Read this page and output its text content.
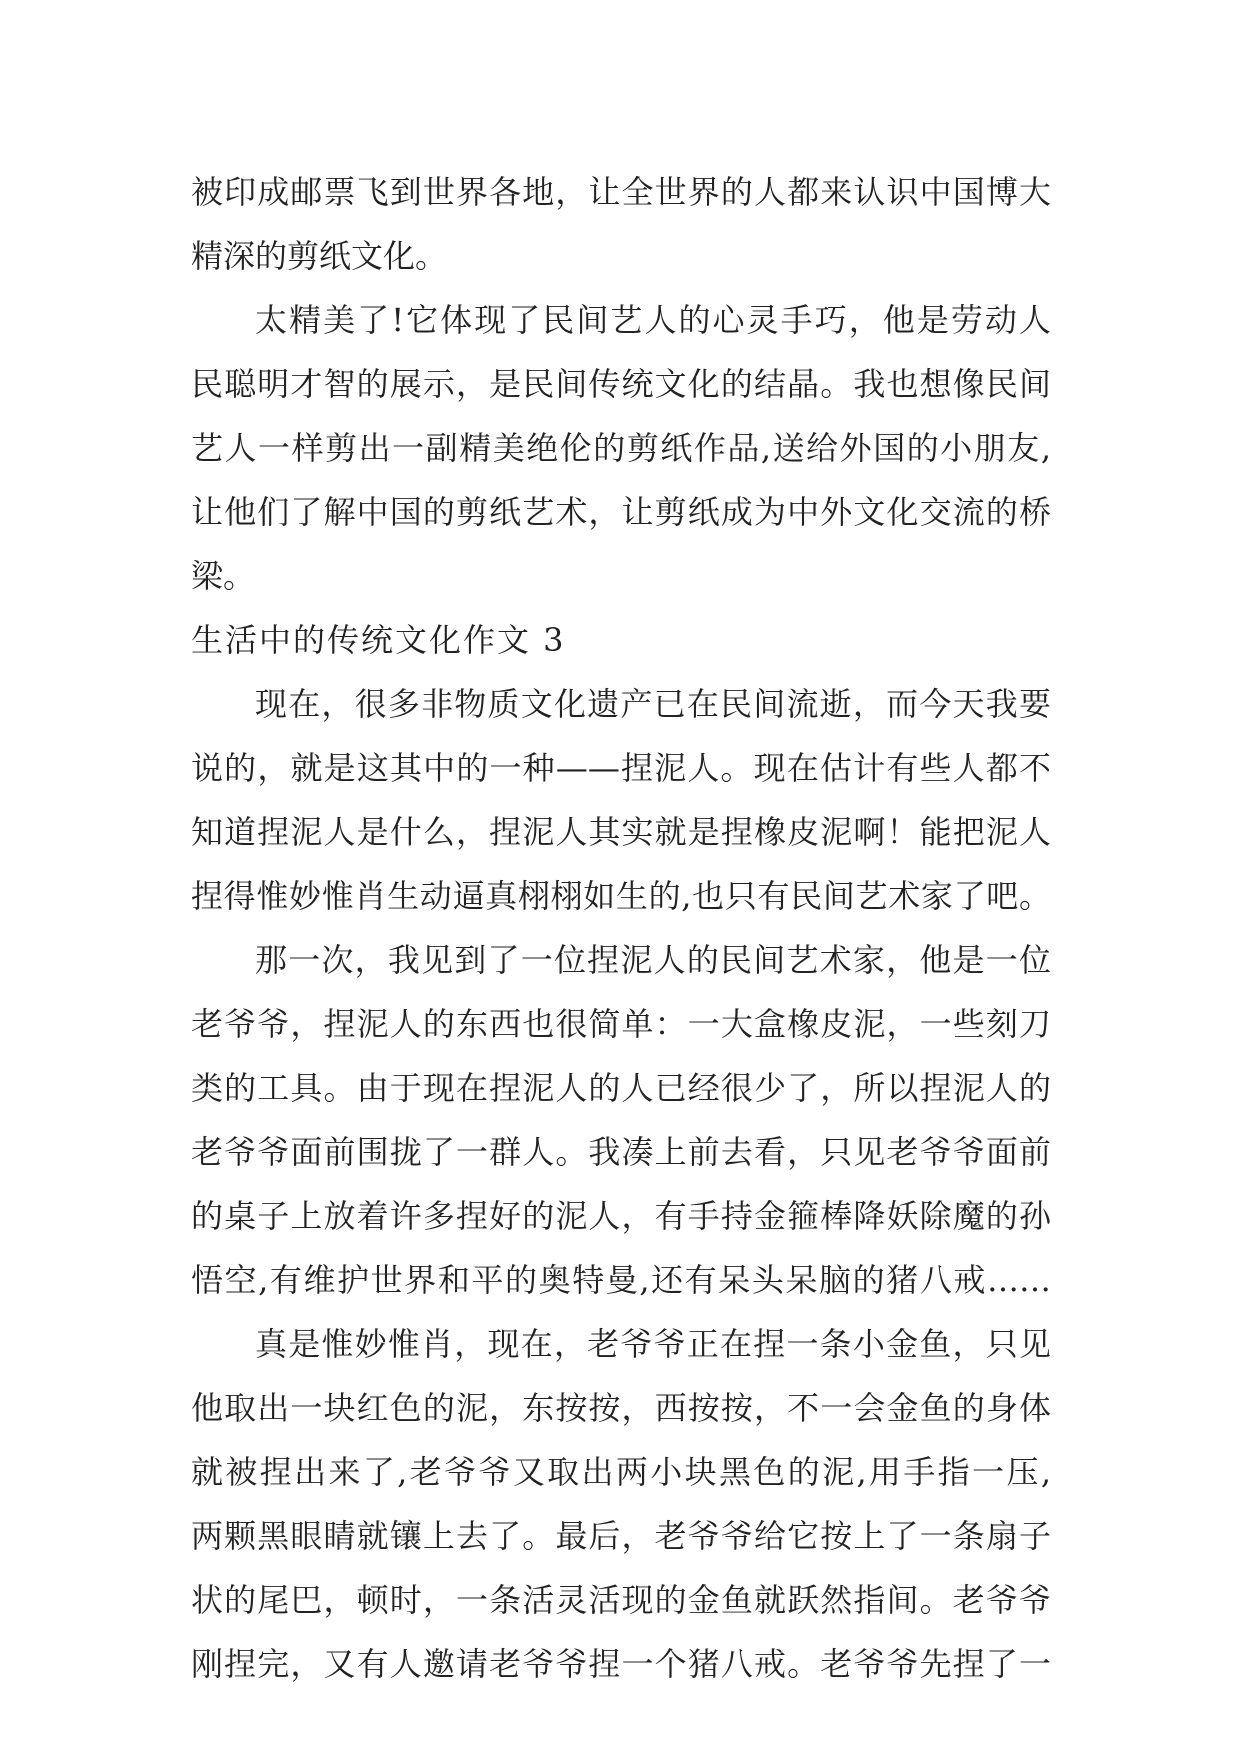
被印成邮票飞到世界各地，让全世界的人都来认识中国博大
精深的剪纸文化。
太精美了!它体现了民间艺人的心灵手巧，他是劳动人
民聪明才智的展示，是民间传统文化的结晶。我也想像民间
艺人一样剪出一副精美绝伦的剪纸作品,送给外国的小朋友,
让他们了解中国的剪纸艺术，让剪纸成为中外文化交流的桥
梁。
生活中的传统文化作文 3
现在，很多非物质文化遗产已在民间流逝，而今天我要
说的，就是这其中的一种——捏泥人。现在估计有些人都不
知道捏泥人是什么，捏泥人其实就是捏橡皮泥啊！能把泥人
捏得惟妙惟肖生动逼真栩栩如生的,也只有民间艺术家了吧。
那一次，我见到了一位捏泥人的民间艺术家，他是一位
老爷爷，捏泥人的东西也很简单：一大盒橡皮泥，一些刻刀
类的工具。由于现在捏泥人的人已经很少了，所以捏泥人的
老爷爷面前围拢了一群人。我凑上前去看，只见老爷爷面前
的桌子上放着许多捏好的泥人，有手持金箍棒降妖除魔的孙
悟空,有维护世界和平的奥特曼,还有呆头呆脑的猪八戒……
真是惟妙惟肖，现在，老爷爷正在捏一条小金鱼，只见
他取出一块红色的泥，东按按，西按按，不一会金鱼的身体
就被捏出来了,老爷爷又取出两小块黑色的泥,用手指一压,
两颗黑眼睛就镶上去了。最后，老爷爷给它按上了一条扇子
状的尾巴，顿时，一条活灵活现的金鱼就跃然指间。老爷爷
刚捏完，又有人邀请老爷爷捏一个猪八戒。老爷爷先捏了一
